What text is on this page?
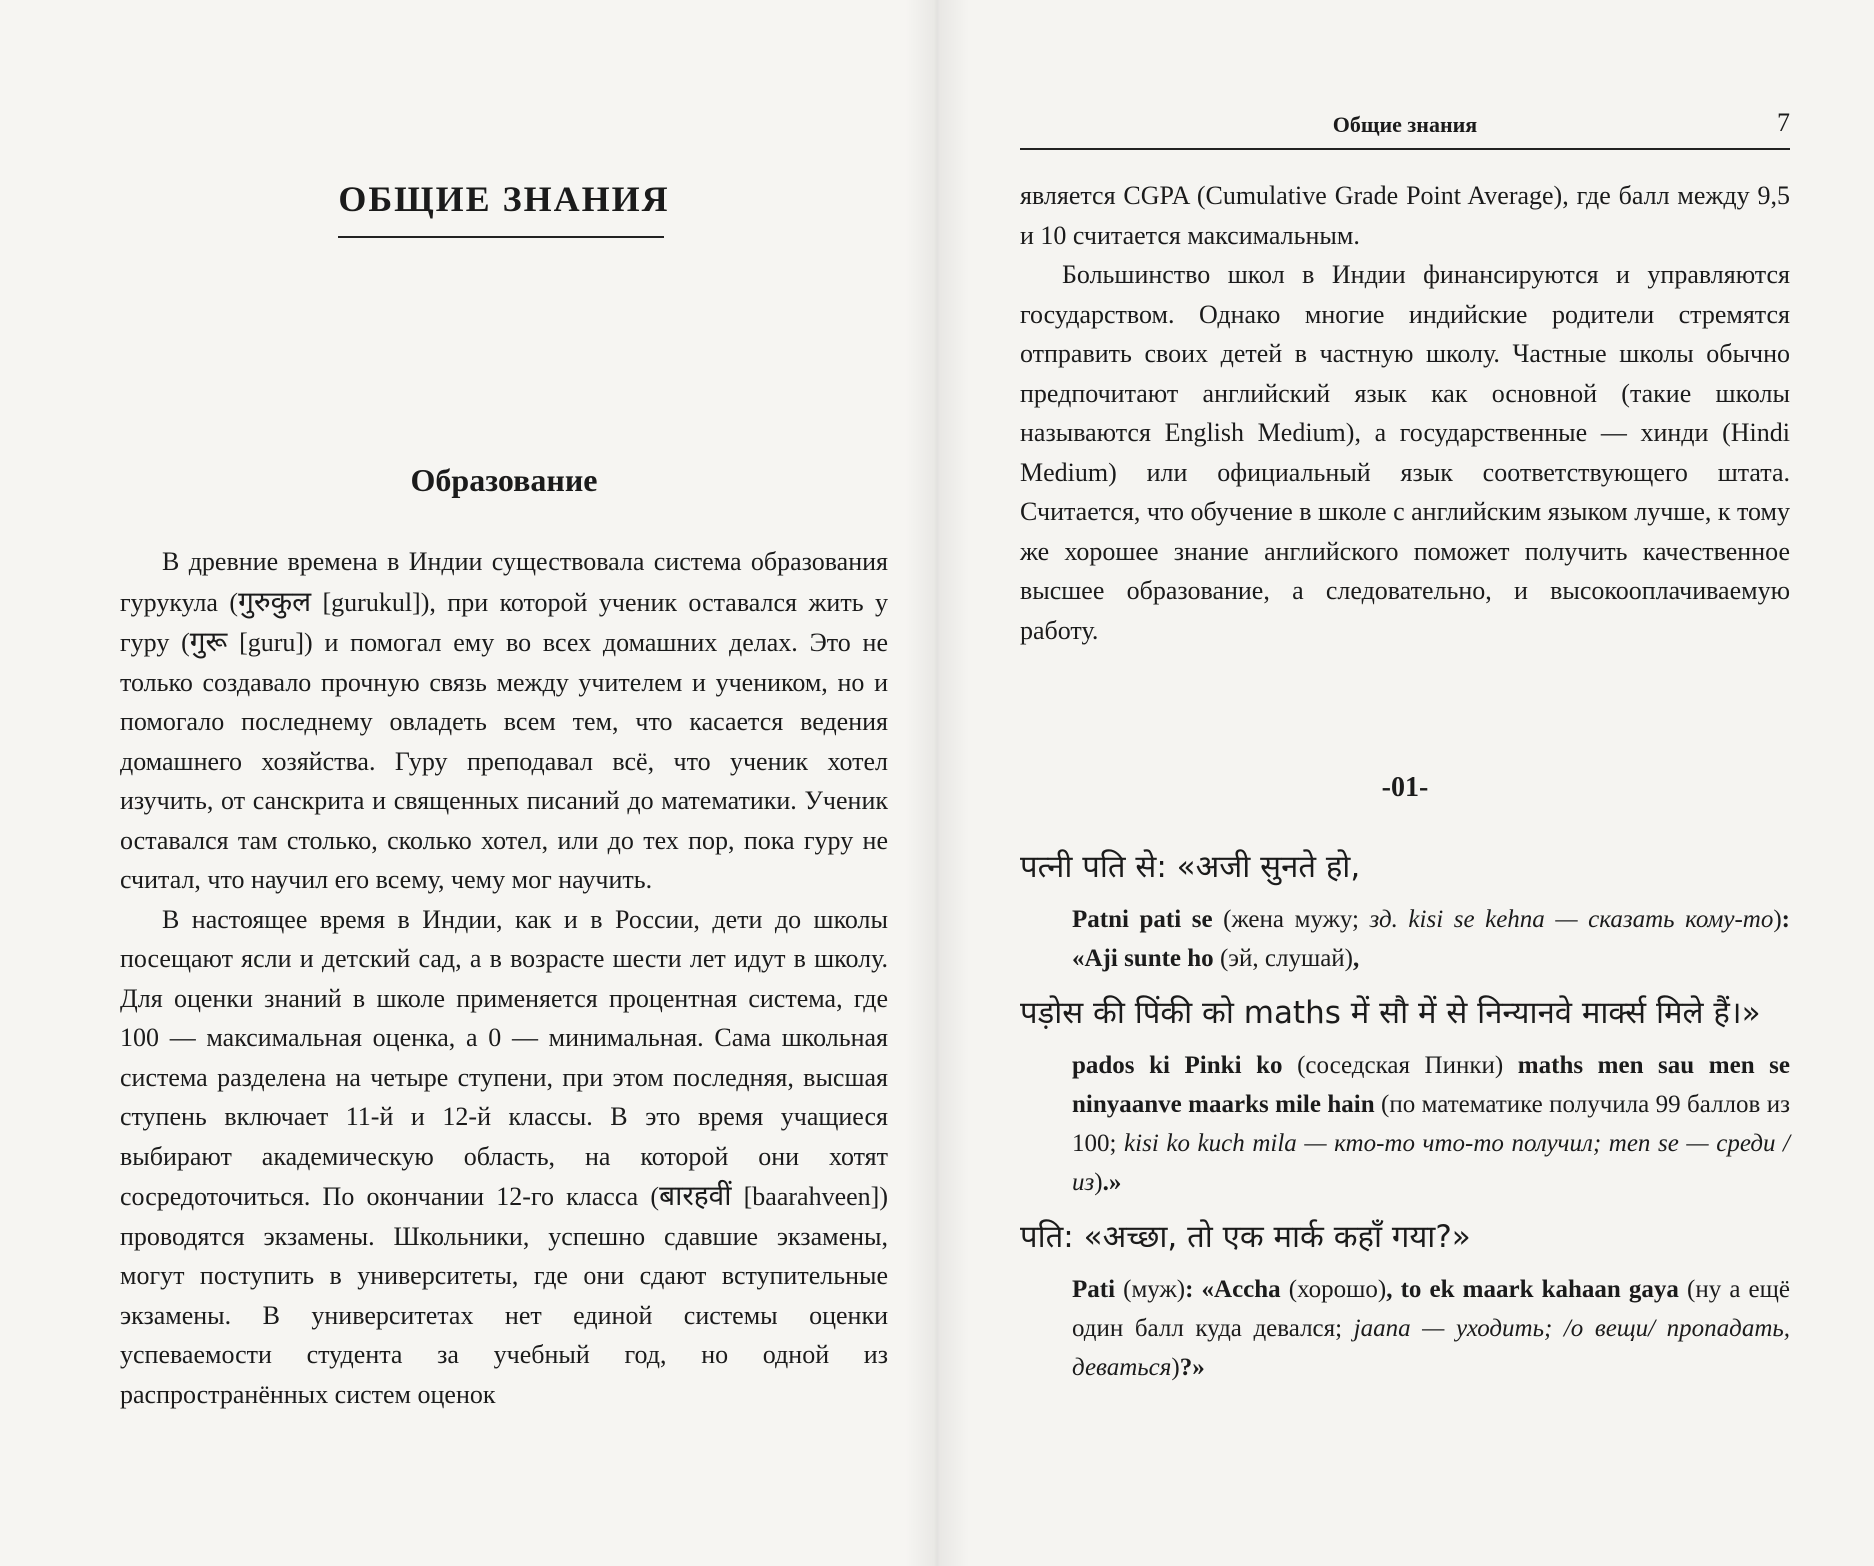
ОБЩИЕ ЗНАНИЯ
Образование

В древние времена в Индии существовала система образования гурукула (गुरुकुल [gurukul]), при которой ученик оставался жить у гуру (गुरू [guru]) и помогал ему во всех домашних делах. Это не только создавало прочную связь между учителем и учеником, но и помогало последнему овладеть всем тем, что касается ведения домашнего хозяйства. Гуру преподавал всё, что ученик хотел изучить, от санскрита и священных писаний до математики. Ученик оставался там столько, сколько хотел, или до тех пор, пока гуру не считал, что научил его всему, чему мог научить.

В настоящее время в Индии, как и в России, дети до школы посещают ясли и детский сад, а в возрасте шести лет идут в школу. Для оценки знаний в школе применяется процентная система, где 100 — максимальная оценка, а 0 — минимальная. Сама школьная система разделена на четыре ступени, при этом последняя, высшая ступень включает 11-й и 12-й классы. В это время учащиеся выбирают академическую область, на которой они хотят сосредоточиться. По окончании 12-го класса (बारहवीं [baarahveen]) проводятся экзамены. Школьники, успешно сдавшие экзамены, могут поступить в университеты, где они сдают вступительные экзамены. В университетах нет единой системы оценки успеваемости студента за учебный год, но одной из распространённых систем оценок

Общие знания	7

является CGPA (Cumulative Grade Point Average), где балл между 9,5 и 10 считается максимальным.

Большинство школ в Индии финансируются и управляются государством. Однако многие индийские родители стремятся отправить своих детей в частную школу. Частные школы обычно предпочитают английский язык как основной (такие школы называются English Medium), а государственные — хинди (Hindi Medium) или официальный язык соответствующего штата. Считается, что обучение в школе с английским языком лучше, к тому же хорошее знание английского поможет получить качественное высшее образование, а следовательно, и высокооплачиваемую работу.

-01-

पत्नी पति से: «अजी सुनते हो,

Patni pati se (жена мужу; зд. kisi se kehna — сказать кому-то): «Aji sunte ho (эй, слушай),

पड़ोस की पिंकी को maths में सौ में से निन्यानवे मार्क्स मिले हैं।»

pados ki Pinki ko (соседская Пинки) maths men sau men se ninyaanve maarks mile hain (по математике получила 99 баллов из 100; kisi ko kuch mila — кто-то что-то получил; men se — среди / из).»

पति: «अच्छा, तो एक मार्क कहाँ गया?»

Pati (муж): «Accha (хорошо), to ek maark kahaan gaya (ну а ещё один балл куда девался; jaana — уходить; /о вещи/ пропадать, деваться)?»
